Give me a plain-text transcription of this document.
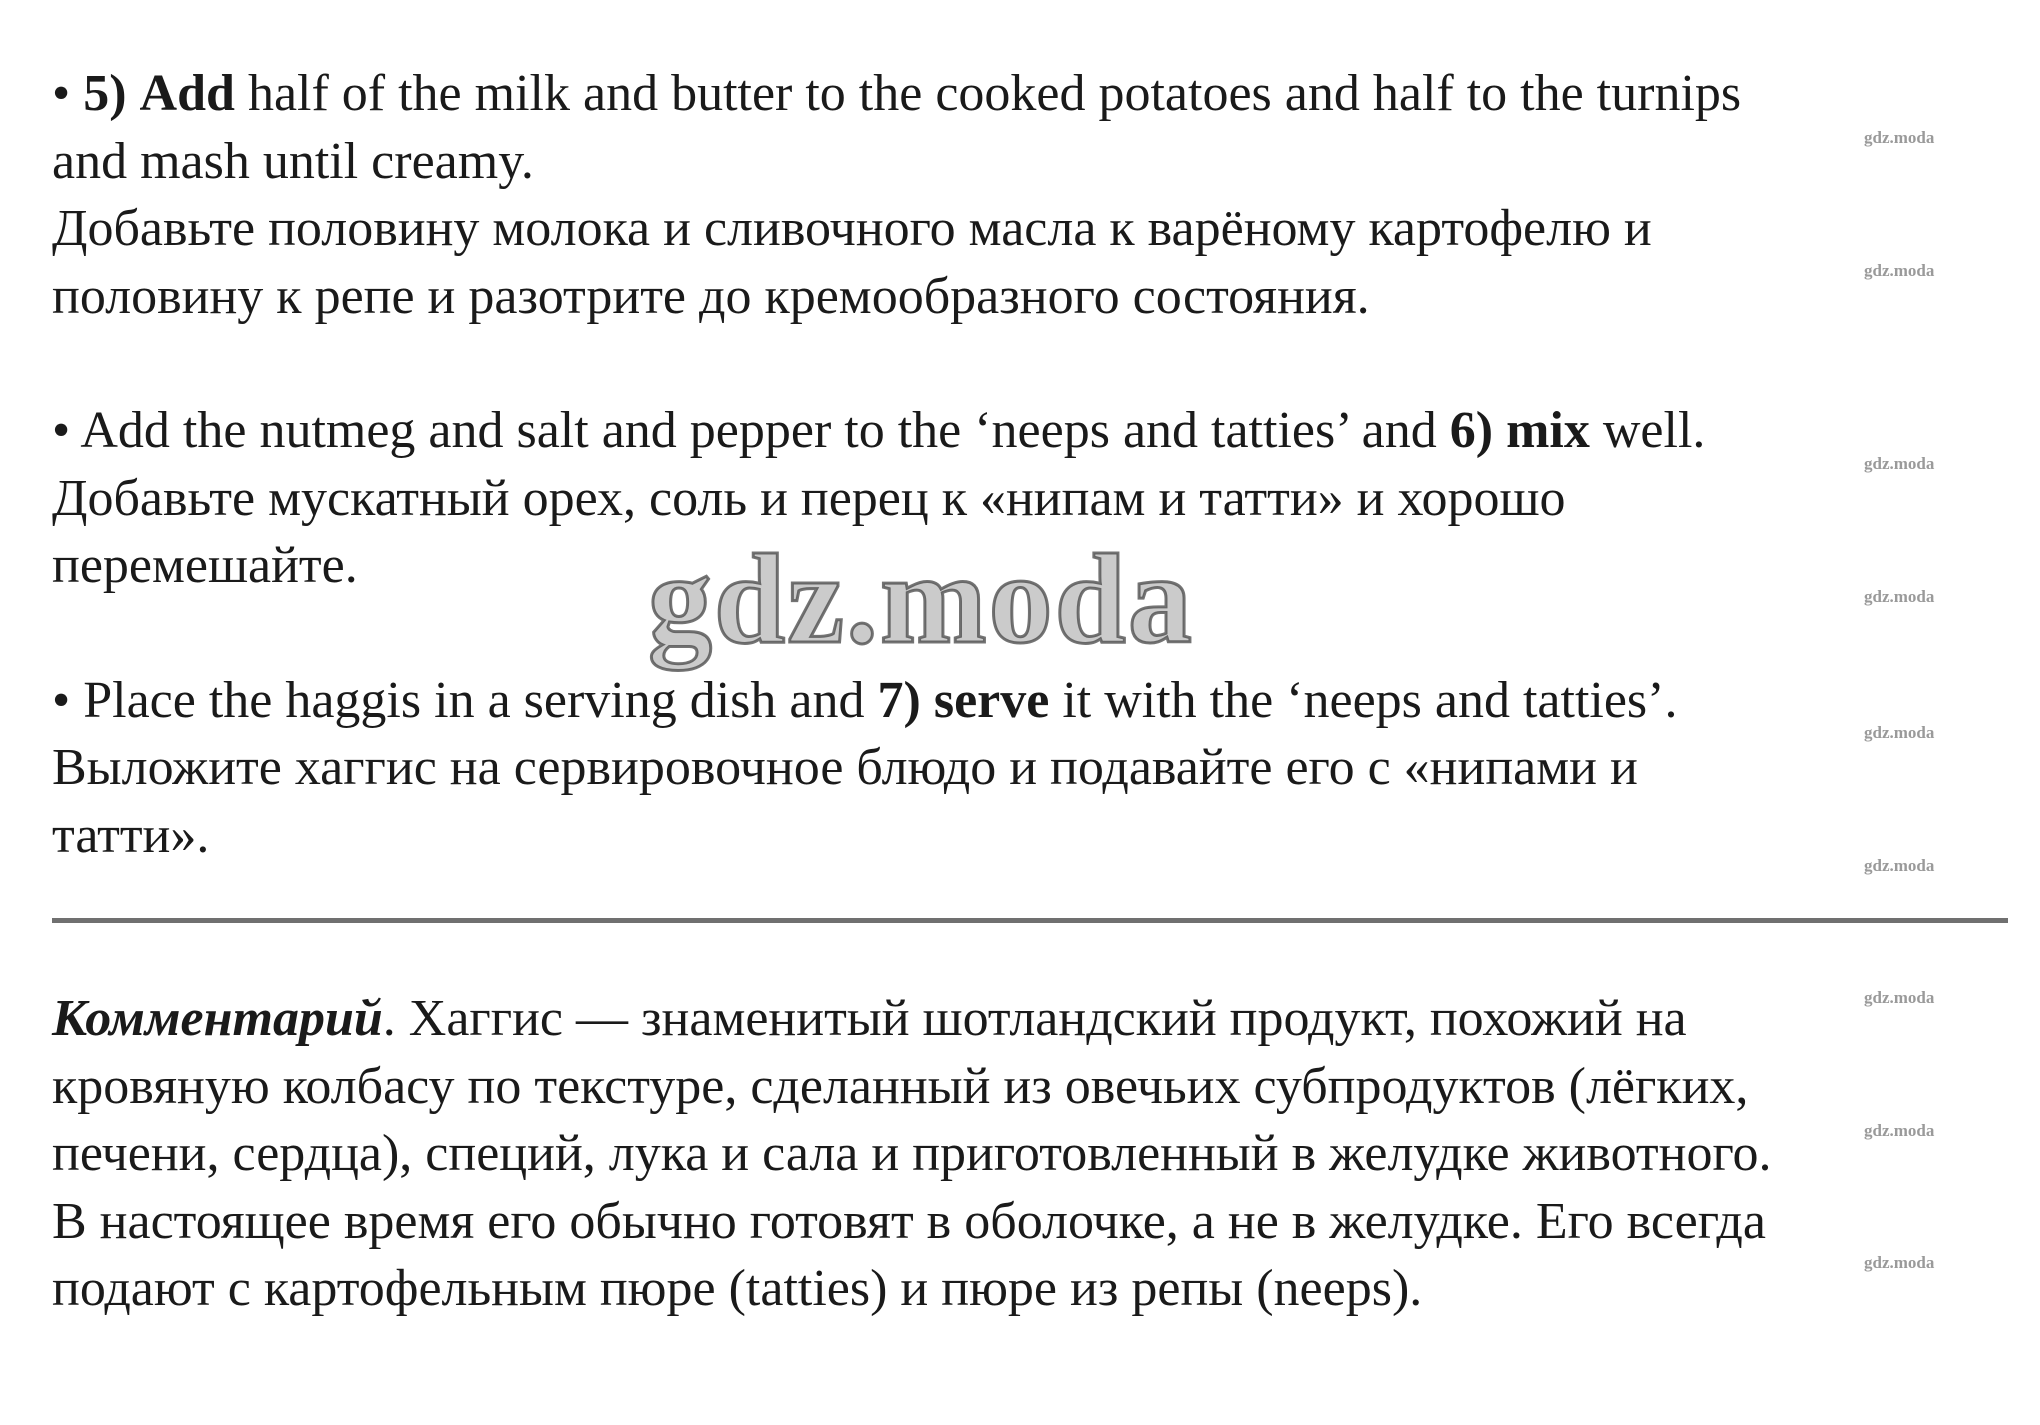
• 5) Add half of the milk and butter to the cooked potatoes and half to the turnips

and mash until creamy.

Добавьте половину молока и сливочного масла к варёному картофелю и

половину к репе и разотрите до кремообразного состояния.

• Add the nutmeg and salt and pepper to the ‘neeps and tatties’ and 6) mix well.

Добавьте мускатный орех, соль и перец к «нипам и татти» и хорошо

перемешайте.

• Place the haggis in a serving dish and 7) serve it with the ‘neeps and tatties’.

Выложите хаггис на сервировочное блюдо и подавайте его с «нипами и

татти».

Комментарий. Хаггис — знаменитый шотландский продукт, похожий на

кровяную колбасу по текстуре, сделанный из овечьих субпродуктов (лёгких,

печени, сердца), специй, лука и сала и приготовленный в желудке животного.

В настоящее время его обычно готовят в оболочке, а не в желудке. Его всегда

подают с картофельным пюре (tatties) и пюре из репы (neeps).

gdz.moda
gdz.moda
gdz.moda
gdz.moda
gdz.moda
gdz.moda
gdz.moda
gdz.moda
gdz.moda
gdz.moda
